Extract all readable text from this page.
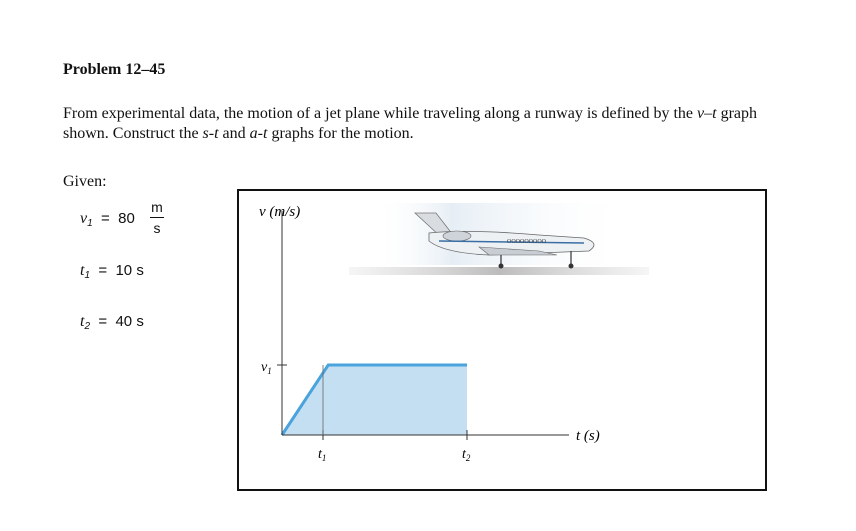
Problem 12–45
From experimental data, the motion of a jet plane while traveling along a runway is defined by the v–t graph shown. Construct the s-t and a-t graphs for the motion.
Given:
$v_1 = 80$
m
s
$t_1 = 10$ s
$t_2 = 40$ s
OOOOOOOOO
v (m/s)
t (s)
$v_1$
$t_1$	$t_2$
